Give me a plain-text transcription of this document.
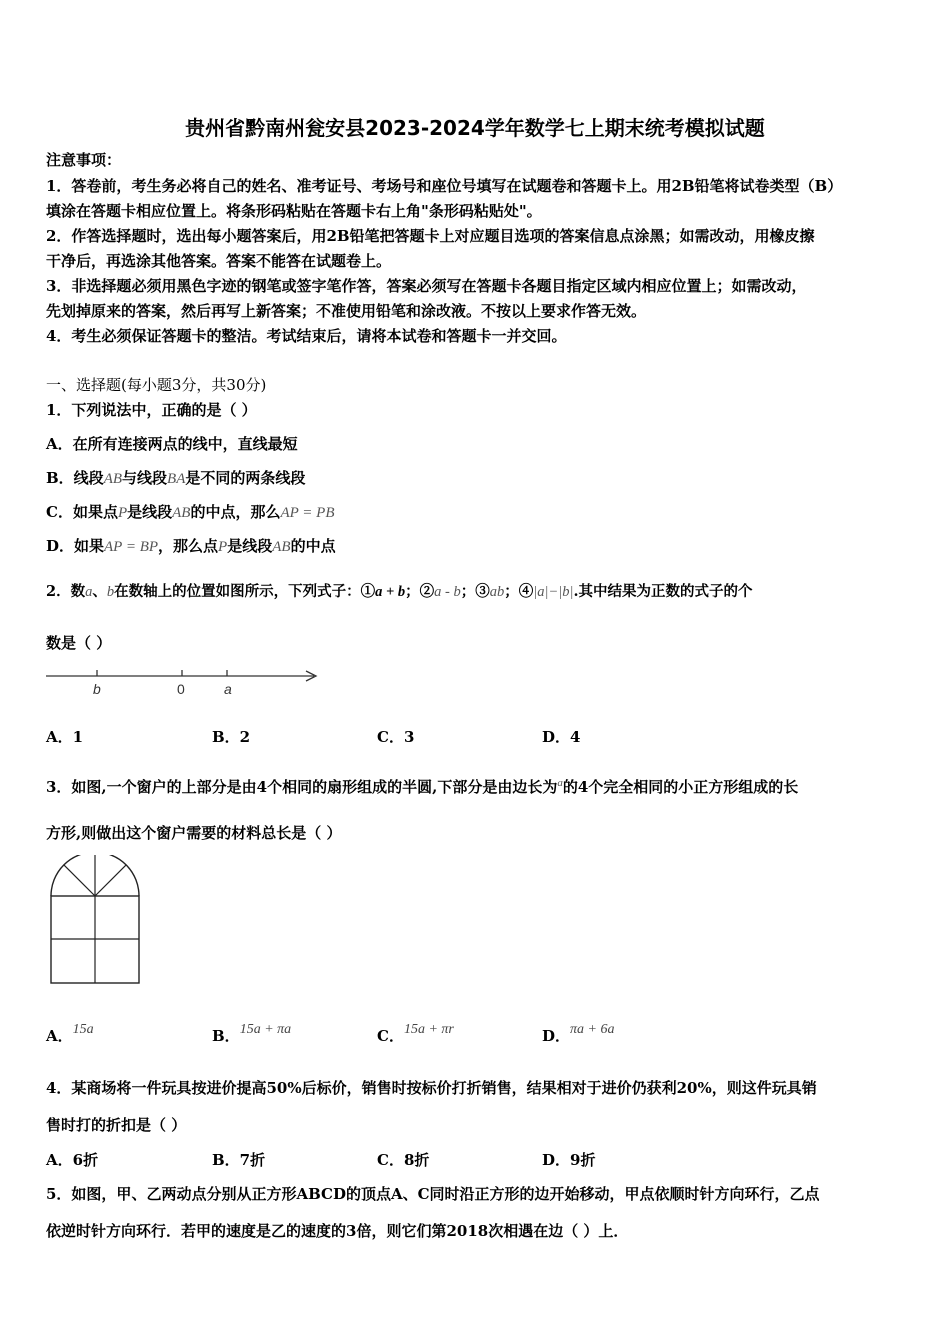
贵州省黔南州瓮安县2023-2024学年数学七上期末统考模拟试题
注意事项：
1．答卷前，考生务必将自己的姓名、准考证号、考场号和座位号填写在试题卷和答题卡上。用2B铅笔将试卷类型（B）
填涂在答题卡相应位置上。将条形码粘贴在答题卡右上角"条形码粘贴处"。
2．作答选择题时，选出每小题答案后，用2B铅笔把答题卡上对应题目选项的答案信息点涂黑；如需改动，用橡皮擦
干净后，再选涂其他答案。答案不能答在试题卷上。
3．非选择题必须用黑色字迹的钢笔或签字笔作答，答案必须写在答题卡各题目指定区域内相应位置上；如需改动，
先划掉原来的答案，然后再写上新答案；不准使用铅笔和涂改液。不按以上要求作答无效。
4．考生必须保证答题卡的整洁。考试结束后，请将本试卷和答题卡一并交回。
一、选择题(每小题3分，共30分)
1．下列说法中，正确的是（ ）
A．在所有连接两点的线中，直线最短
B．线段AB与线段BA是不同的两条线段
C．如果点P是线段AB的中点，那么AP = PB
D．如果AP = BP，那么点P是线段AB的中点
2．数a、b在数轴上的位置如图所示，下列式子：①a + b；②a - b；③ab；④|a|−|b|.其中结果为正数的式子的个
数是（ ）
b	0	a
A．1	B．2	C．3	D．4
3．如图,一个窗户的上部分是由4个相同的扇形组成的半圆,下部分是由边长为$^a$的4个完全相同的小正方形组成的长
方形,则做出这个窗户需要的材料总长是（ ）
A．15a	B．15a + πa	C．15a + πr	D．πa + 6a
4．某商场将一件玩具按进价提高50%后标价，销售时按标价打折销售，结果相对于进价仍获利20%，则这件玩具销
售时打的折扣是（ ）
A．6折	B．7折	C．8折	D．9折
5．如图，甲、乙两动点分别从正方形ABCD的顶点A、C同时沿正方形的边开始移动，甲点依顺时针方向环行，乙点
依逆时针方向环行．若甲的速度是乙的速度的3倍，则它们第2018次相遇在边（ ）上．
